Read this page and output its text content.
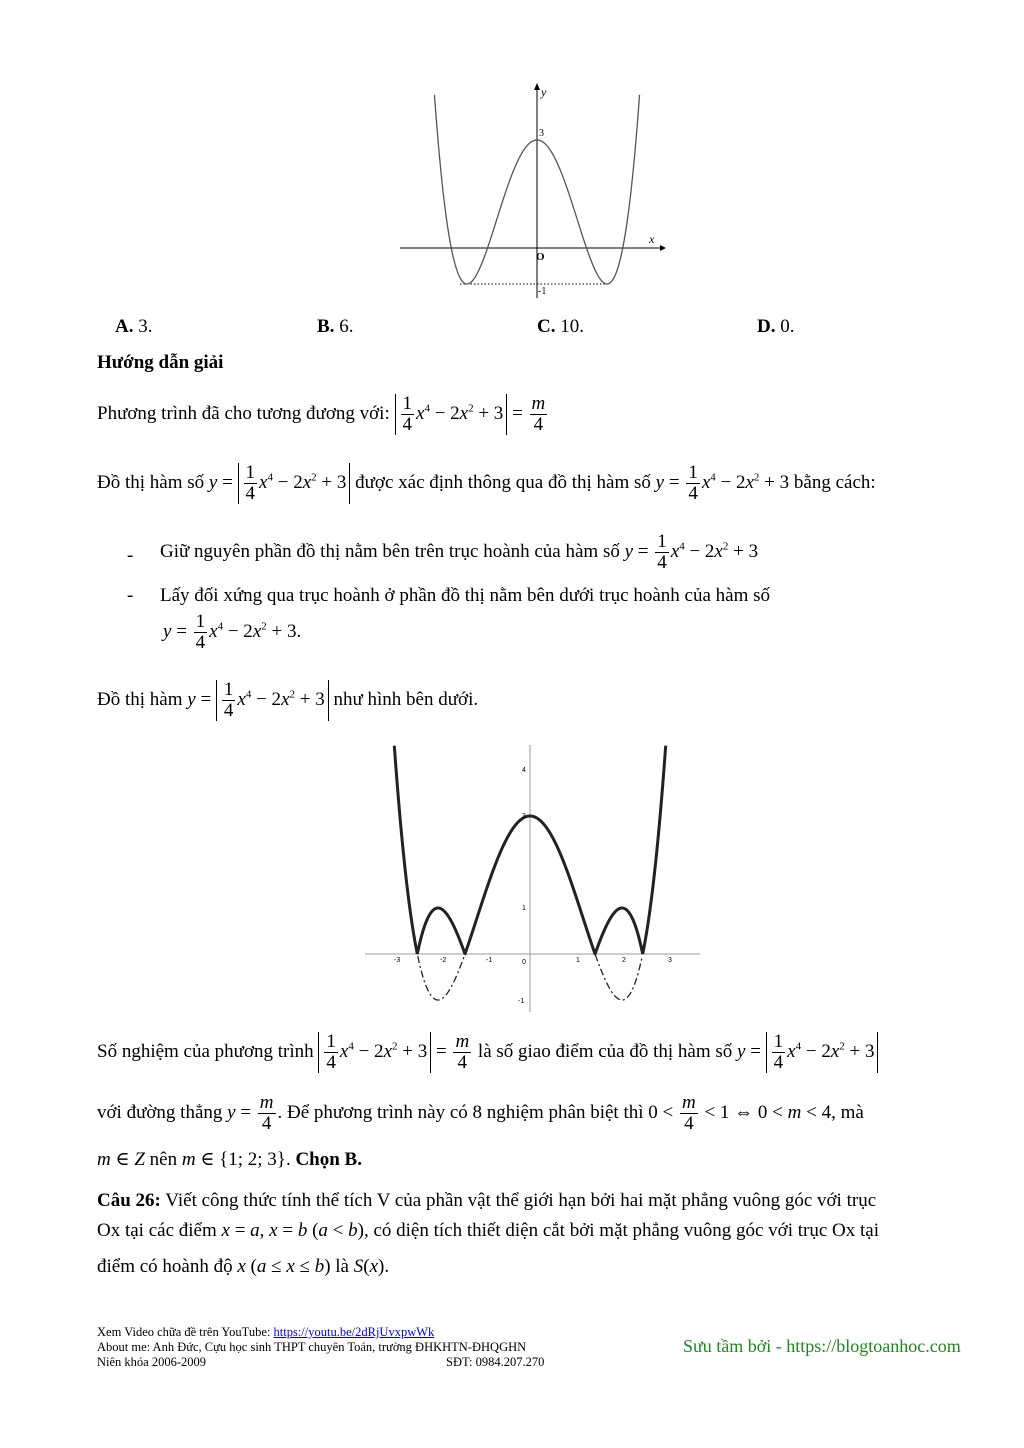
y
x
O
3
-1
A. 3.	B. 6.	C. 10.	D. 0.
Hướng dẫn giải
Phương trình đã cho tương đương với: $\frac{1}{4} x^4 - 2x^2 + 3 = \frac{m}{4}$
Đồ thị hàm số $y = \frac{1}{4} x^4 - 2x^2 + 3$ được xác định thông qua đồ thị hàm số $y = \frac{1}{4} x^4 - 2x^2 + 3$ bằng cách:
- Giữ nguyên phần đồ thị nằm bên trên trục hoành của hàm số $y = \frac{1}{4} x^4 - 2x^2 + 3$
- Lấy đối xứng qua trục hoành ở phần đồ thị nằm bên dưới trục hoành của hàm số
$y = \frac{1}{4} x^4 - 2x^2 + 3$.
Đồ thị hàm $y = \frac{1}{4} x^4 - 2x^2 + 3$ như hình bên dưới.
4
3
1
0
-1
-3	-2	-1	1	2	3
Số nghiệm của phương trình $\frac{1}{4} x^4 - 2x^2 + 3 = \frac{m}{4}$ là số giao điểm của đồ thị hàm số $y = \frac{1}{4} x^4 - 2x^2 + 3$
với đường thẳng $y = \frac{m}{4}$ . Để phương trình này có 8 nghiệm phân biệt thì $0 < \frac{m}{4} < 1$ ⇔ 0 < m < 4, mà
m ∈ Z nên m ∈ {1; 2; 3}. Chọn B.
Câu 26: Viết công thức tính thể tích V của phần vật thể giới hạn bởi hai mặt phẳng vuông góc với trục
Ox tại các điểm x = a, x = b (a < b), có diện tích thiết diện cắt bởi mặt phẳng vuông góc với trục Ox tại
điểm có hoành độ x (a ≤ x ≤ b) là S(x).
Xem Video chữa đề trên YouTube: https://youtu.be/2dRjUvxpwWk
About me: Anh Đức, Cựu học sinh THPT chuyên Toán, trường ĐHKHTN-ĐHQGHN
Niên khóa 2006-2009	SĐT: 0984.207.270
Sưu tầm bởi - https://blogtoanhoc.com
